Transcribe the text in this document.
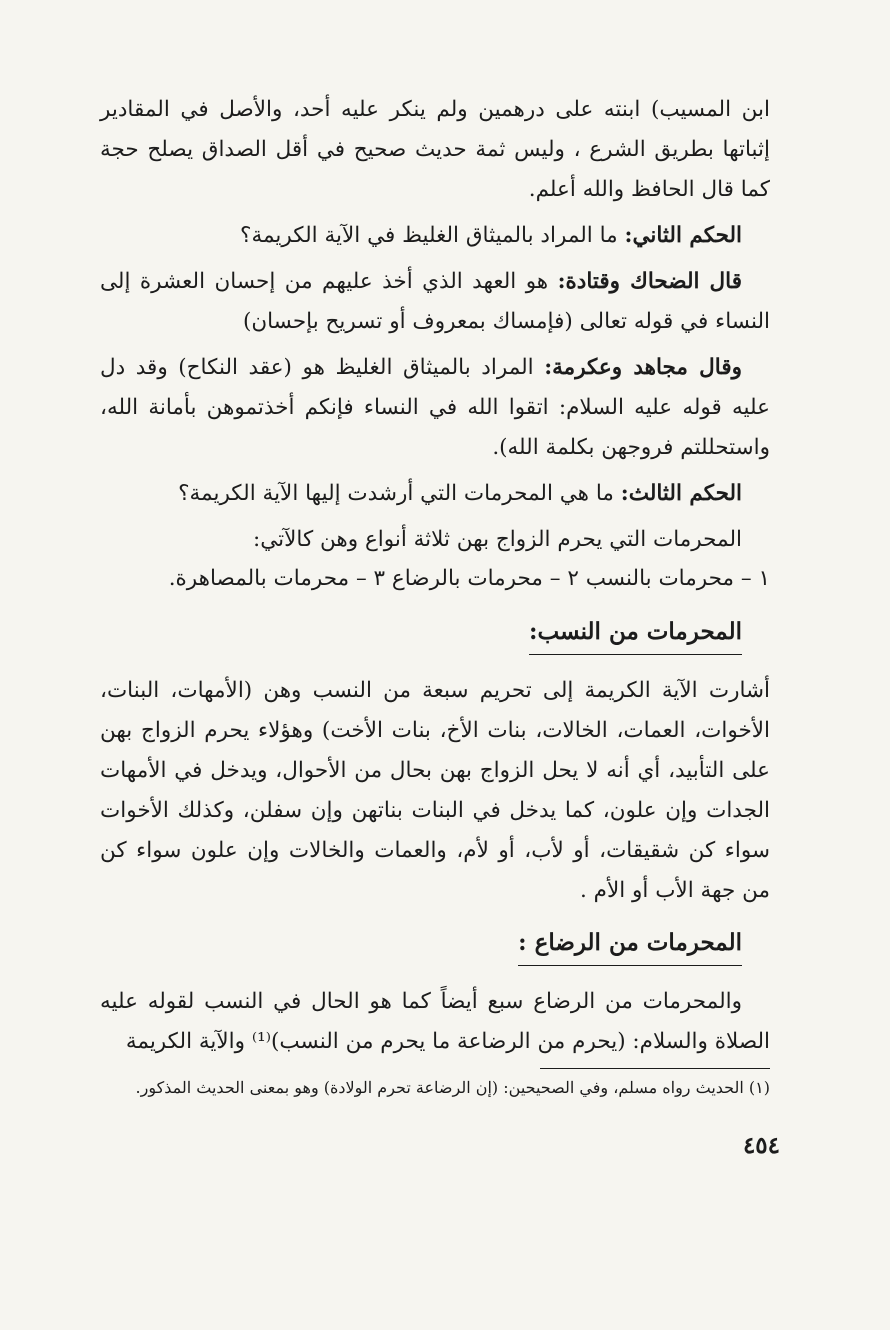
ابن المسيب) ابنته على درهمين ولم ينكر عليه أحد، والأصل في المقادير إثباتها بطريق الشرع ، وليس ثمة حديث صحيح في أقل الصداق يصلح حجة كما قال الحافظ والله أعلم.

الحكم الثاني: ما المراد بالميثاق الغليظ في الآية الكريمة؟

قال الضحاك وقتادة: هو العهد الذي أخذ عليهم من إحسان العشرة إلى النساء في قوله تعالى (فإمساك بمعروف أو تسريح بإحسان)

وقال مجاهد وعكرمة: المراد بالميثاق الغليظ هو (عقد النكاح) وقد دل عليه قوله عليه السلام: اتقوا الله في النساء فإنكم أخذتموهن بأمانة الله، واستحللتم فروجهن بكلمة الله).

الحكم الثالث: ما هي المحرمات التي أرشدت إليها الآية الكريمة؟

المحرمات التي يحرم الزواج بهن ثلاثة أنواع وهن كالآتي:

١ – محرمات بالنسب ٢ – محرمات بالرضاع ٣ – محرمات بالمصاهرة.

المحرمات من النسب:

أشارت الآية الكريمة إلى تحريم سبعة من النسب وهن (الأمهات، البنات، الأخوات، العمات، الخالات، بنات الأخ، بنات الأخت) وهؤلاء يحرم الزواج بهن على التأبيد، أي أنه لا يحل الزواج بهن بحال من الأحوال، ويدخل في الأمهات الجدات وإن علون، كما يدخل في البنات بناتهن وإن سفلن، وكذلك الأخوات سواء كن شقيقات، أو لأب، أو لأم، والعمات والخالات وإن علون سواء كن من جهة الأب أو الأم .

المحرمات من الرضاع :

والمحرمات من الرضاع سبع أيضاً كما هو الحال في النسب لقوله عليه الصلاة والسلام: (يحرم من الرضاعة ما يحرم من النسب)⁽¹⁾ والآية الكريمة

(١) الحديث رواه مسلم، وفي الصحيحين: (إن الرضاعة تحرم الولادة) وهو بمعنى الحديث المذكور.

٤٥٤
